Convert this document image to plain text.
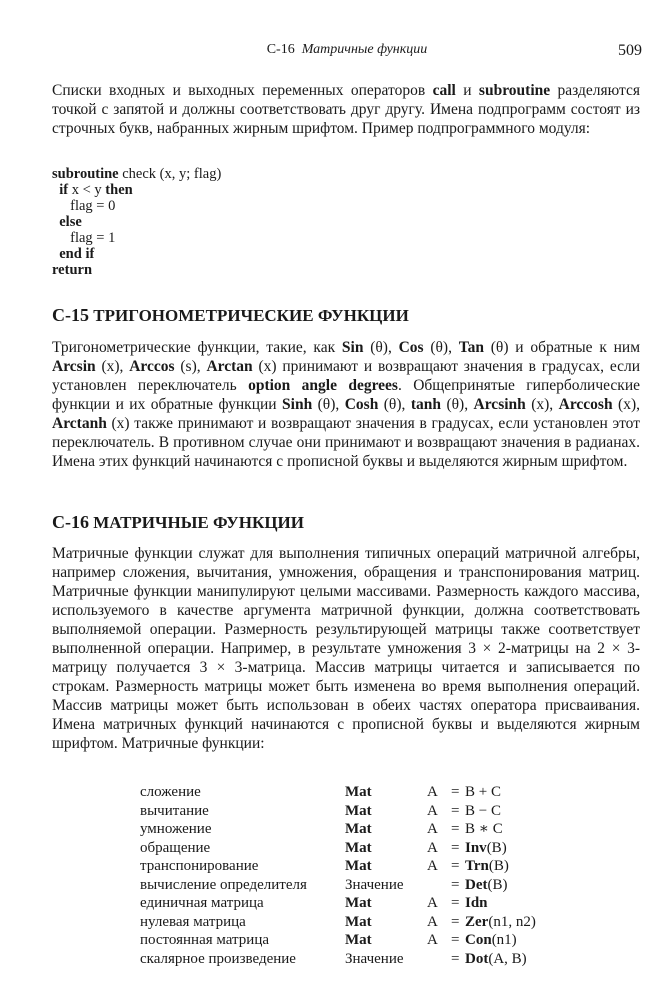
C-16 Матричные функции	509

Списки входных и выходных переменных операторов call и subroutine разделяются точкой с запятой и должны соответствовать друг другу. Имена подпрограмм состоят из строчных букв, набранных жирным шрифтом. Пример подпрограммного модуля:

subroutine check (x, y; flag)
if x < y then
flag = 0
else
flag = 1
end if
return
C-15 ТРИГОНОМЕТРИЧЕСКИЕ ФУНКЦИИ

Тригонометрические функции, такие, как Sin (θ), Cos (θ), Tan (θ) и обратные к ним Arcsin (x), Arccos (s), Arctan (x) принимают и возвращают значения в градусах, если установлен переключатель option angle degrees. Общепринятые гиперболические функции и их обратные функции Sinh (θ), Cosh (θ), tanh (θ), Arcsinh (x), Arccosh (x), Arctanh (x) также принимают и возвращают значения в градусах, если установлен этот переключатель. В противном случае они принимают и возвращают значения в радианах. Имена этих функций начинаются с прописной буквы и выделяются жирным шрифтом.

C-16 МАТРИЧНЫЕ ФУНКЦИИ

Матричные функции служат для выполнения типичных операций матричной алгебры, например сложения, вычитания, умножения, обращения и транспонирования матриц. Матричные функции манипулируют целыми массивами. Размерность каждого массива, используемого в качестве аргумента матричной функции, должна соответствовать выполняемой операции. Размерность результирующей матрицы также соответствует выполненной операции. Например, в результате умножения 3 × 2-матрицы на 2 × 3-матрицу получается 3 × 3-матрица. Массив матрицы читается и записывается по строкам. Размерность матрицы может быть изменена во время выполнения операций. Массив матрицы может быть использован в обеих частях оператора присваивания. Имена матричных функций начинаются с прописной буквы и выделяются жирным шрифтом. Матричные функции:

сложение	Mat	A	=	B + C
вычитание	Mat	A	=	B − C
умножение	Mat	A	=	B ∗ C
обращение	Mat	A	=	Inv(B)
транспонирование	Mat	A	=	Trn(B)
вычисление определителя	Значение		=	Det(B)
единичная матрица	Mat	A	=	Idn
нулевая матрица	Mat	A	=	Zer(n1, n2)
постоянная матрица	Mat	A	=	Con(n1)
скалярное произведение	Значение		=	Dot(A, B)
